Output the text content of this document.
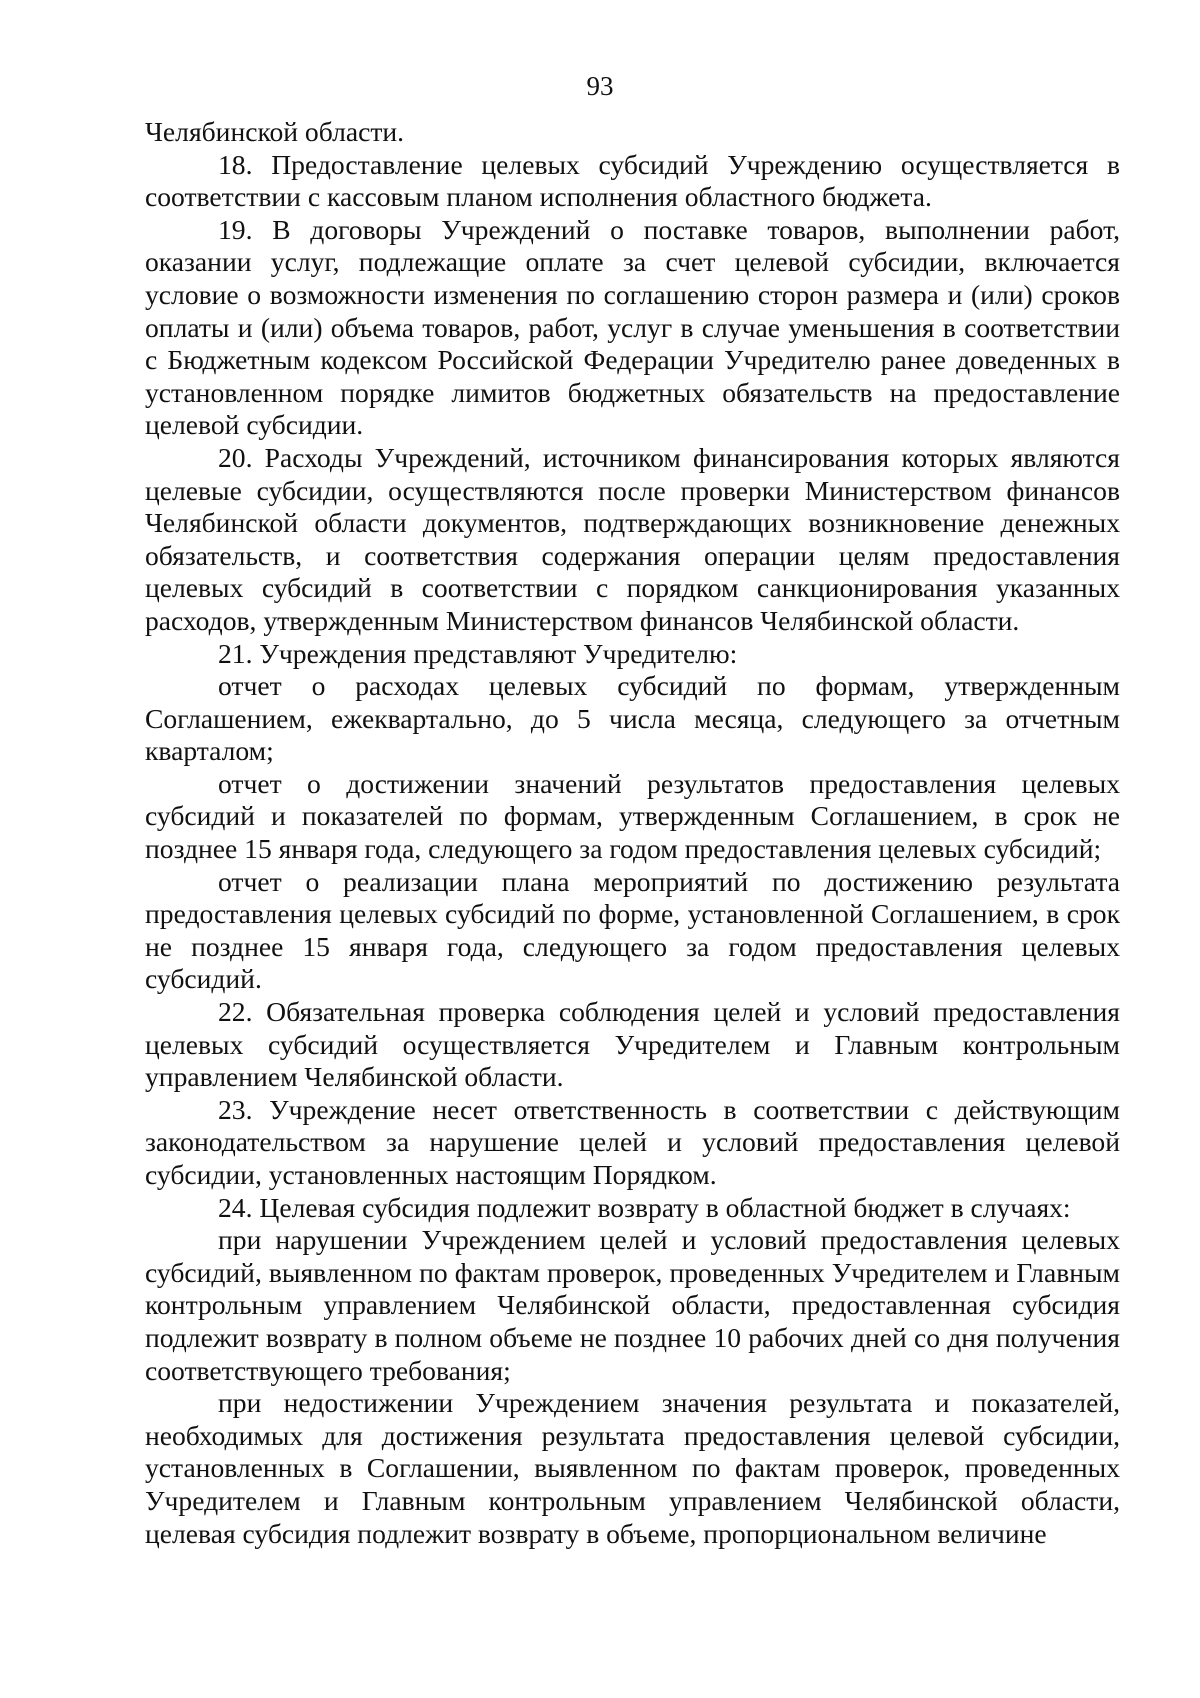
93

Челябинской области.

18. Предоставление целевых субсидий Учреждению осуществляется в соответствии с кассовым планом исполнения областного бюджета.

19. В договоры Учреждений о поставке товаров, выполнении работ, оказании услуг, подлежащие оплате за счет целевой субсидии, включается условие о возможности изменения по соглашению сторон размера и (или) сроков оплаты и (или) объема товаров, работ, услуг в случае уменьшения в соответствии с Бюджетным кодексом Российской Федерации Учредителю ранее доведенных в установленном порядке лимитов бюджетных обязательств на предоставление целевой субсидии.

20. Расходы Учреждений, источником финансирования которых являются целевые субсидии, осуществляются после проверки Министерством финансов Челябинской области документов, подтверждающих возникновение денежных обязательств, и соответствия содержания операции целям предоставления целевых субсидий в соответствии с порядком санкционирования указанных расходов, утвержденным Министерством финансов Челябинской области.

21. Учреждения представляют Учредителю:

отчет о расходах целевых субсидий по формам, утвержденным Соглашением, ежеквартально, до 5 числа месяца, следующего за отчетным кварталом;

отчет о достижении значений результатов предоставления целевых субсидий и показателей по формам, утвержденным Соглашением, в срок не позднее 15 января года, следующего за годом предоставления целевых субсидий;

отчет о реализации плана мероприятий по достижению результата предоставления целевых субсидий по форме, установленной Соглашением, в срок не позднее 15 января года, следующего за годом предоставления целевых субсидий.

22. Обязательная проверка соблюдения целей и условий предоставления целевых субсидий осуществляется Учредителем и Главным контрольным управлением Челябинской области.

23. Учреждение несет ответственность в соответствии с действующим законодательством за нарушение целей и условий предоставления целевой субсидии, установленных настоящим Порядком.

24. Целевая субсидия подлежит возврату в областной бюджет в случаях:

при нарушении Учреждением целей и условий предоставления целевых субсидий, выявленном по фактам проверок, проведенных Учредителем и Главным контрольным управлением Челябинской области, предоставленная субсидия подлежит возврату в полном объеме не позднее 10 рабочих дней со дня получения соответствующего требования;

при недостижении Учреждением значения результата и показателей, необходимых для достижения результата предоставления целевой субсидии, установленных в Соглашении, выявленном по фактам проверок, проведенных Учредителем и Главным контрольным управлением Челябинской области, целевая субсидия подлежит возврату в объеме, пропорциональном величине
